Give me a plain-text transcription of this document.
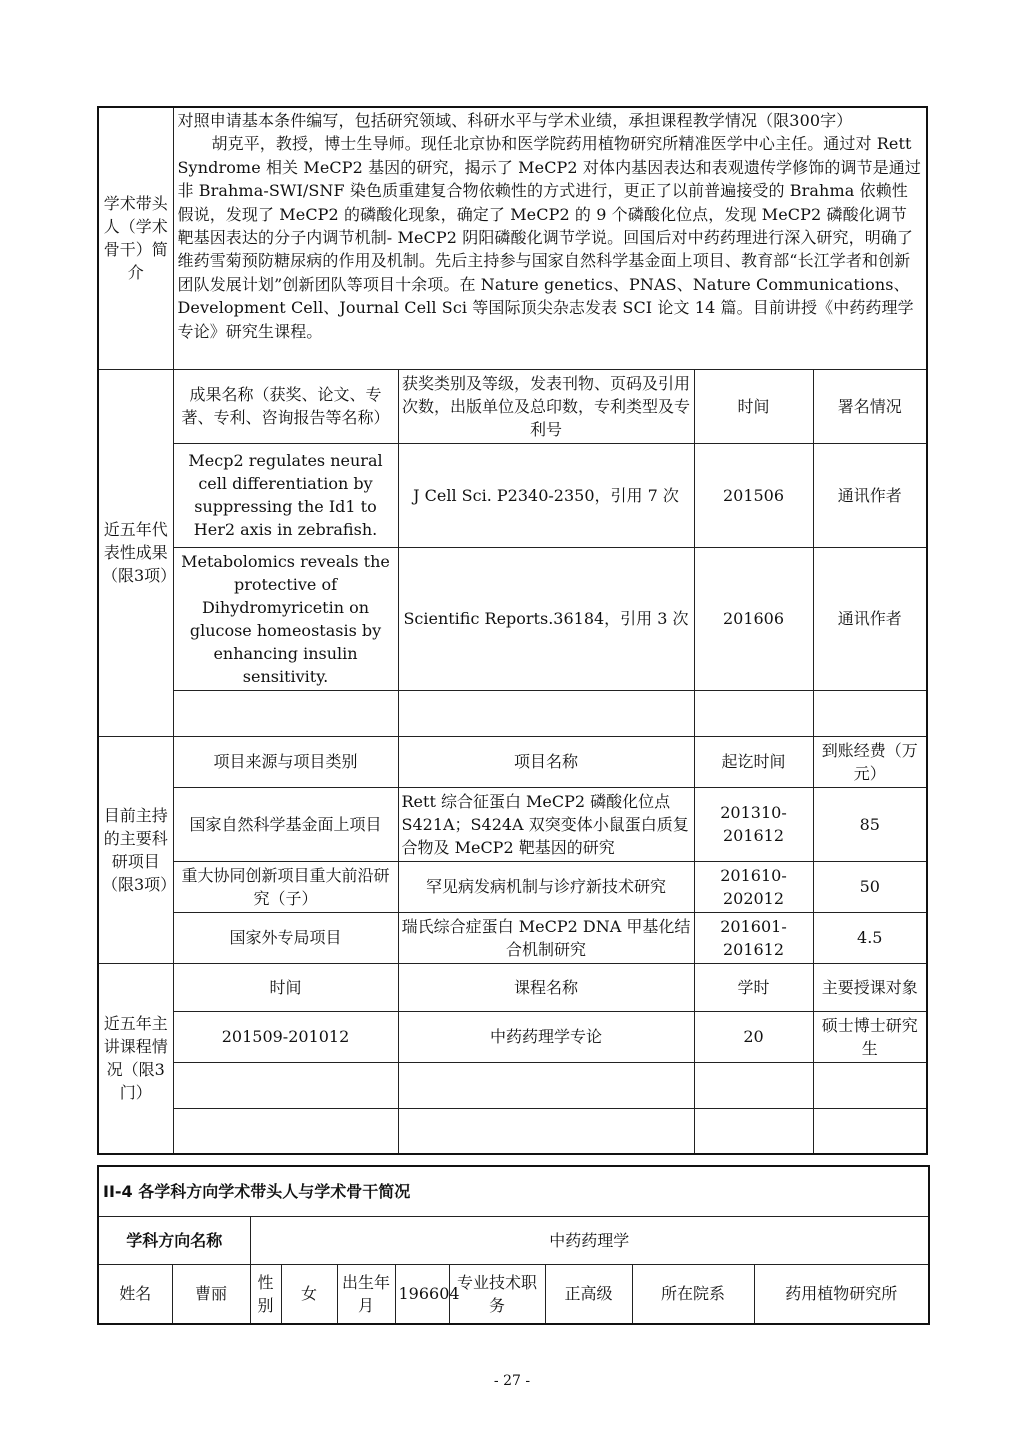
学术带头人（学术骨干）简介	对照申请基本条件编写，包括研究领域、科研水平与学术业绩，承担课程教学情况（限300字）
胡克平，教授，博士生导师。现任北京协和医学院药用植物研究所精准医学中心主任。通过对 Rett Syndrome 相关 MeCP2 基因的研究，揭示了 MeCP2 对体内基因表达和表观遗传学修饰的调节是通过非 Brahma-SWI/SNF 染色质重建复合物依赖性的方式进行，更正了以前普遍接受的 Brahma 依赖性假说，发现了 MeCP2 的磷酸化现象，确定了 MeCP2 的 9 个磷酸化位点，发现 MeCP2 磷酸化调节靶基因表达的分子内调节机制- MeCP2 阴阳磷酸化调节学说。回国后对中药药理进行深入研究，明确了维药雪菊预防糖尿病的作用及机制。先后主持参与国家自然科学基金面上项目、教育部“长江学者和创新团队发展计划”创新团队等项目十余项。在 Nature genetics、PNAS、Nature Communications、Development Cell、Journal Cell Sci 等国际顶尖杂志发表 SCI 论文 14 篇。目前讲授《中药药理学专论》研究生课程。			

近五年代表性成果（限3项）	成果名称（获奖、论文、专著、专利、咨询报告等名称）	获奖类别及等级，发表刊物、页码及引用次数，出版单位及总印数，专利类型及专利号	时间	署名情况
	Mecp2 regulates neural cell differentiation by suppressing the Id1 to Her2 axis in zebrafish.	J Cell Sci. P2340-2350，引用 7 次	201506	通讯作者
	Metabolomics reveals the protective of Dihydromyricetin on glucose homeostasis by enhancing insulin sensitivity.	Scientific Reports.36184，引用 3 次	201606	通讯作者

目前主持的主要科研项目（限3项）	项目来源与项目类别	项目名称	起讫时间	到账经费（万元）
	国家自然科学基金面上项目	Rett 综合征蛋白 MeCP2 磷酸化位点 S421A；S424A 双突变体小鼠蛋白质复合物及 MeCP2 靶基因的研究	201310-201612	85
	重大协同创新项目重大前沿研究（子）	罕见病发病机制与诊疗新技术研究	201610-202012	50
	国家外专局项目	瑞氏综合症蛋白 MeCP2 DNA 甲基化结合机制研究	201601-201612	4.5
近五年主讲课程情况（限3门）	时间	课程名称	学时	主要授课对象
	201509-201012	中药药理学专论	20	硕士博士研究生

II-4 各学科方向学术带头人与学术骨干简况									
学科方向名称		中药药理学							
姓名	曹丽	性别	女	出生年月	196604	专业技术职务	正高级	所在院系	药用植物研究所
- 27 -
